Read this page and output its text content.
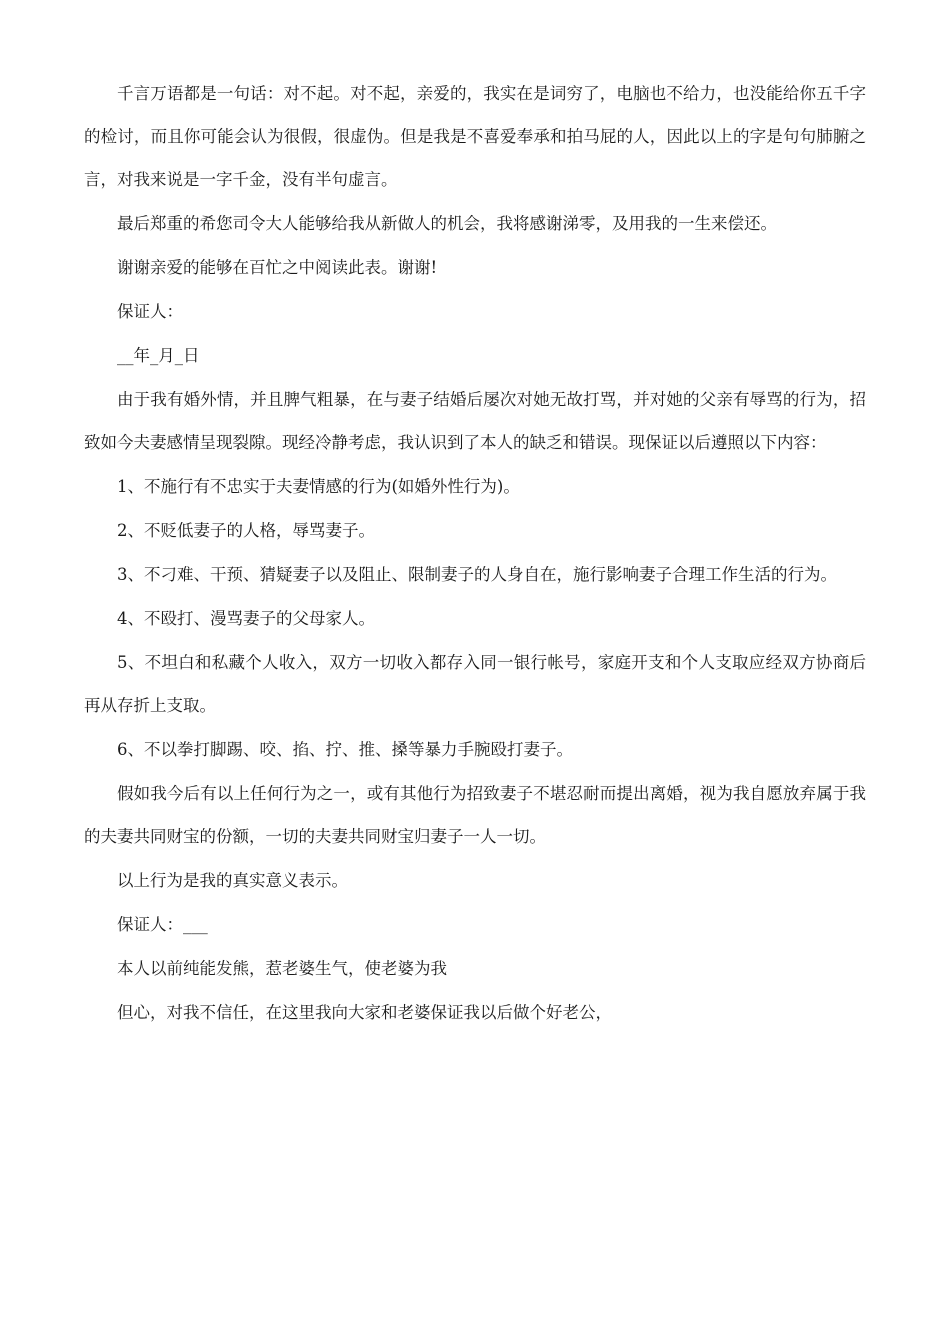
千言万语都是一句话：对不起。对不起，亲爱的，我实在是词穷了，电脑也不给力，也没能给你五千字的检讨，而且你可能会认为很假，很虚伪。但是我是不喜爱奉承和拍马屁的人，因此以上的字是句句肺腑之言，对我来说是一字千金，没有半句虚言。

最后郑重的希您司令大人能够给我从新做人的机会，我将感谢涕零，及用我的一生来偿还。

谢谢亲爱的能够在百忙之中阅读此表。谢谢!

保证人：

__年_月_日

由于我有婚外情，并且脾气粗暴，在与妻子结婚后屡次对她无故打骂，并对她的父亲有辱骂的行为，招致如今夫妻感情呈现裂隙。现经冷静考虑，我认识到了本人的缺乏和错误。现保证以后遵照以下内容：

1、不施行有不忠实于夫妻情感的行为(如婚外性行为)。

2、不贬低妻子的人格，辱骂妻子。

3、不刁难、干预、猜疑妻子以及阻止、限制妻子的人身自在，施行影响妻子合理工作生活的行为。

4、不殴打、漫骂妻子的父母家人。

5、不坦白和私藏个人收入，双方一切收入都存入同一银行帐号，家庭开支和个人支取应经双方协商后再从存折上支取。

6、不以拳打脚踢、咬、掐、拧、推、搡等暴力手腕殴打妻子。

假如我今后有以上任何行为之一，或有其他行为招致妻子不堪忍耐而提出离婚，视为我自愿放弃属于我的夫妻共同财宝的份额，一切的夫妻共同财宝归妻子一人一切。

以上行为是我的真实意义表示。

保证人：___

本人以前纯能发熊，惹老婆生气，使老婆为我

但心，对我不信任，在这里我向大家和老婆保证我以后做个好老公，
